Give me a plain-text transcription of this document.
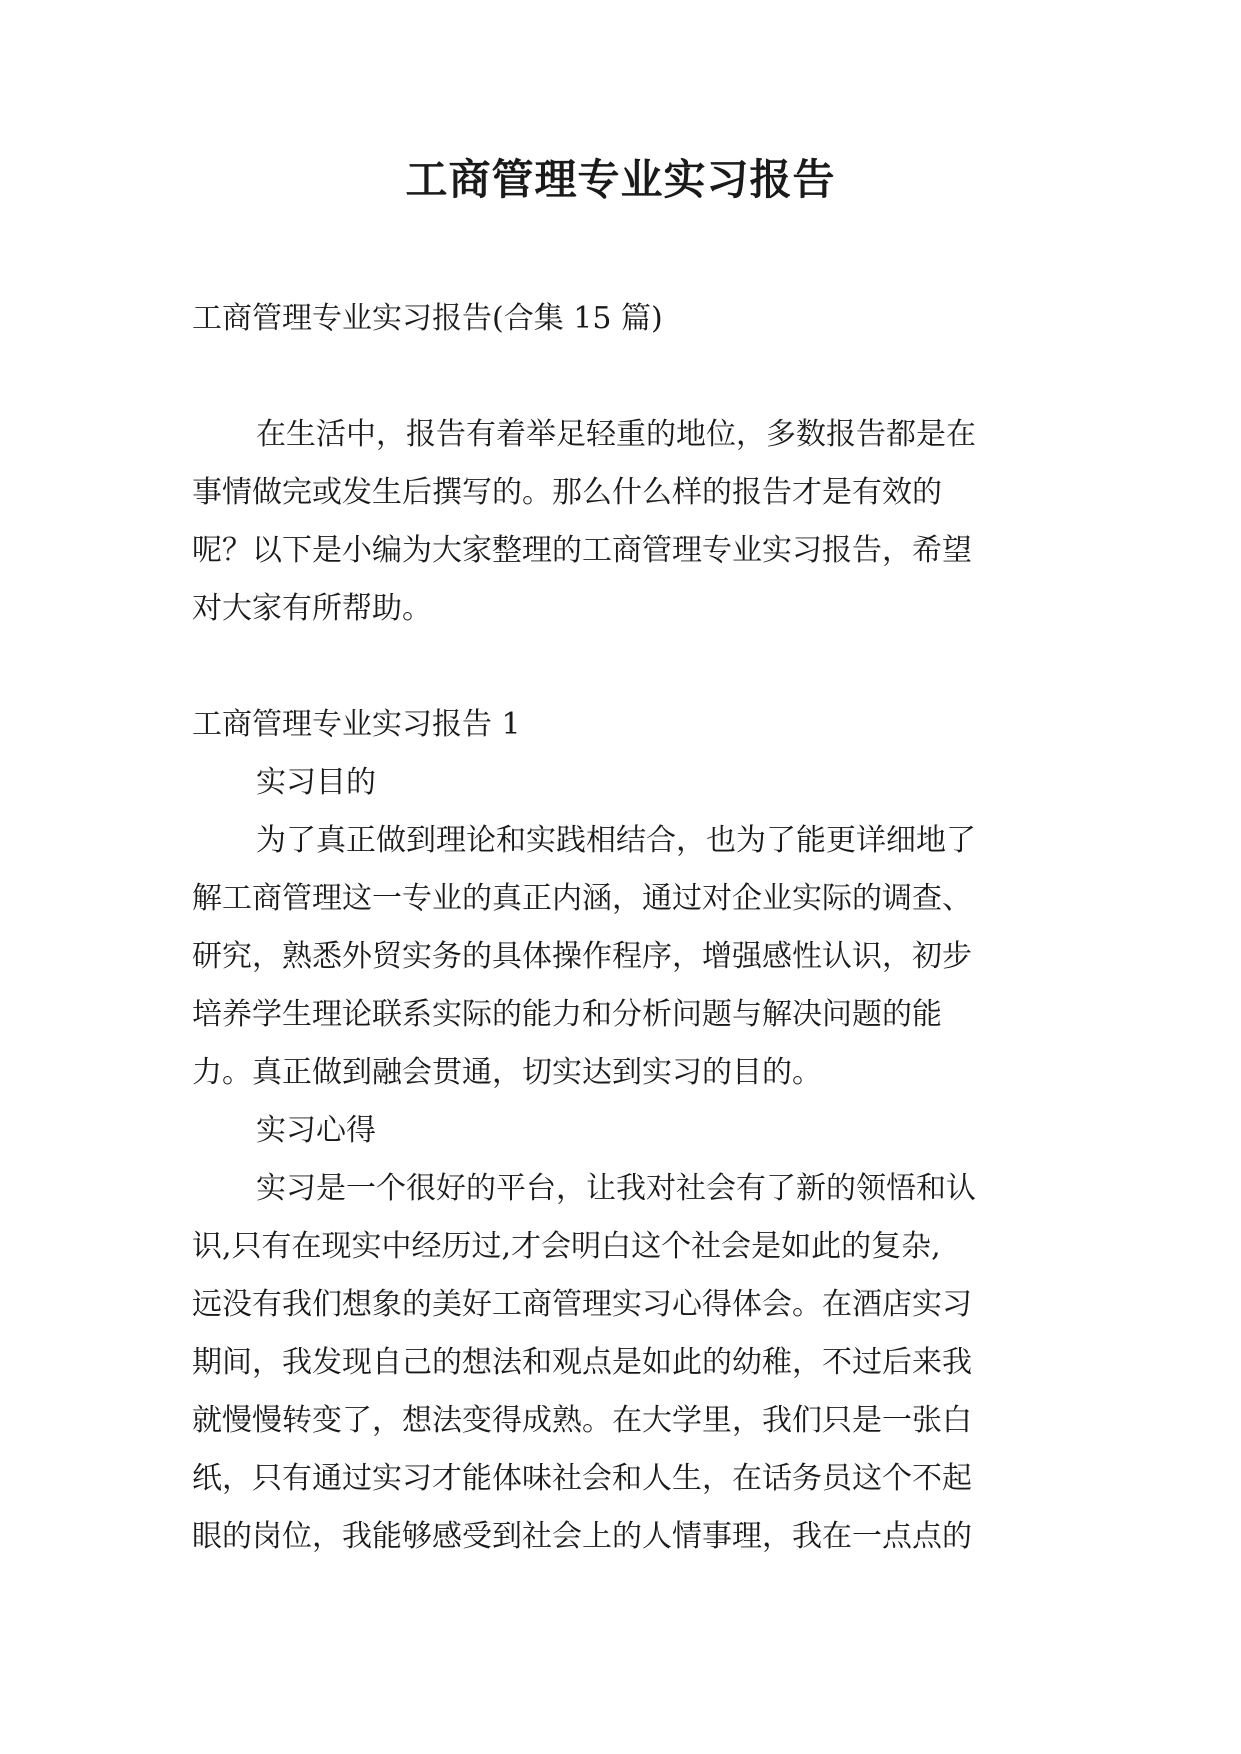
工商管理专业实习报告
工商管理专业实习报告(合集 15 篇)
在生活中，报告有着举足轻重的地位，多数报告都是在
事情做完或发生后撰写的。那么什么样的报告才是有效的
呢？以下是小编为大家整理的工商管理专业实习报告，希望
对大家有所帮助。
工商管理专业实习报告 1
实习目的
为了真正做到理论和实践相结合，也为了能更详细地了
解工商管理这一专业的真正内涵，通过对企业实际的调查、
研究，熟悉外贸实务的具体操作程序，增强感性认识，初步
培养学生理论联系实际的能力和分析问题与解决问题的能
力。真正做到融会贯通，切实达到实习的目的。
实习心得
实习是一个很好的平台，让我对社会有了新的领悟和认
识,只有在现实中经历过,才会明白这个社会是如此的复杂,
远没有我们想象的美好工商管理实习心得体会。在酒店实习
期间，我发现自己的想法和观点是如此的幼稚，不过后来我
就慢慢转变了，想法变得成熟。在大学里，我们只是一张白
纸，只有通过实习才能体味社会和人生，在话务员这个不起
眼的岗位，我能够感受到社会上的人情事理，我在一点点的
